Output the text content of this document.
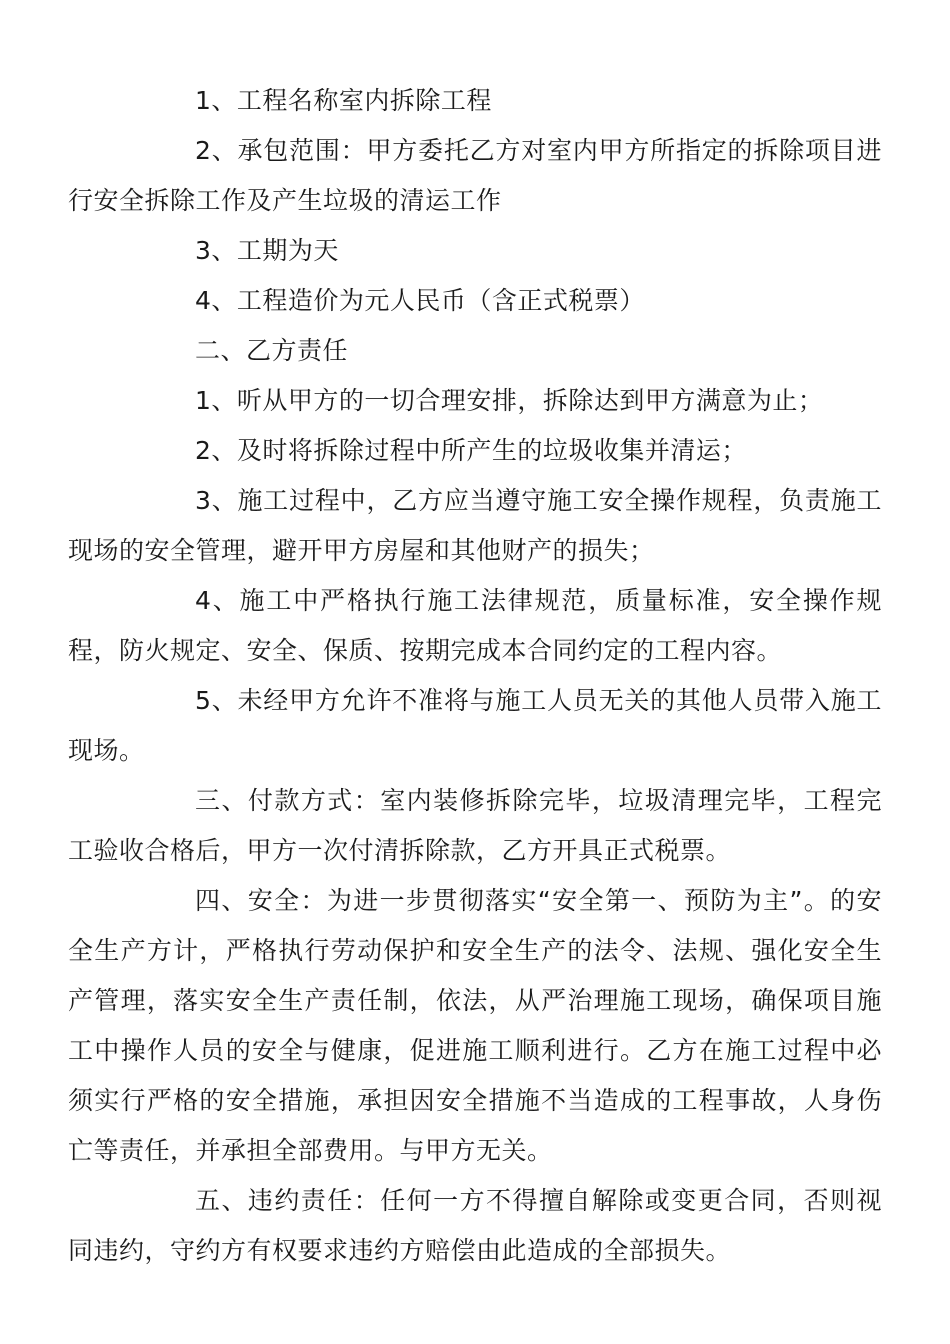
1、工程名称室内拆除工程

2、承包范围：甲方委托乙方对室内甲方所指定的拆除项目进行安全拆除工作及产生垃圾的清运工作

3、工期为天

4、工程造价为元人民币（含正式税票）

二、乙方责任

1、听从甲方的一切合理安排，拆除达到甲方满意为止；

2、及时将拆除过程中所产生的垃圾收集并清运；

3、施工过程中，乙方应当遵守施工安全操作规程，负责施工现场的安全管理，避开甲方房屋和其他财产的损失；

4、施工中严格执行施工法律规范，质量标准，安全操作规程，防火规定、安全、保质、按期完成本合同约定的工程内容。

5、未经甲方允许不准将与施工人员无关的其他人员带入施工现场。

三、付款方式：室内装修拆除完毕，垃圾清理完毕，工程完工验收合格后，甲方一次付清拆除款，乙方开具正式税票。

四、安全：为进一步贯彻落实“安全第一、预防为主”。的安全生产方计，严格执行劳动保护和安全生产的法令、法规、强化安全生产管理，落实安全生产责任制，依法，从严治理施工现场，确保项目施工中操作人员的安全与健康，促进施工顺利进行。乙方在施工过程中必须实行严格的安全措施，承担因安全措施不当造成的工程事故，人身伤亡等责任，并承担全部费用。与甲方无关。

五、违约责任：任何一方不得擅自解除或变更合同，否则视同违约，守约方有权要求违约方赔偿由此造成的全部损失。
